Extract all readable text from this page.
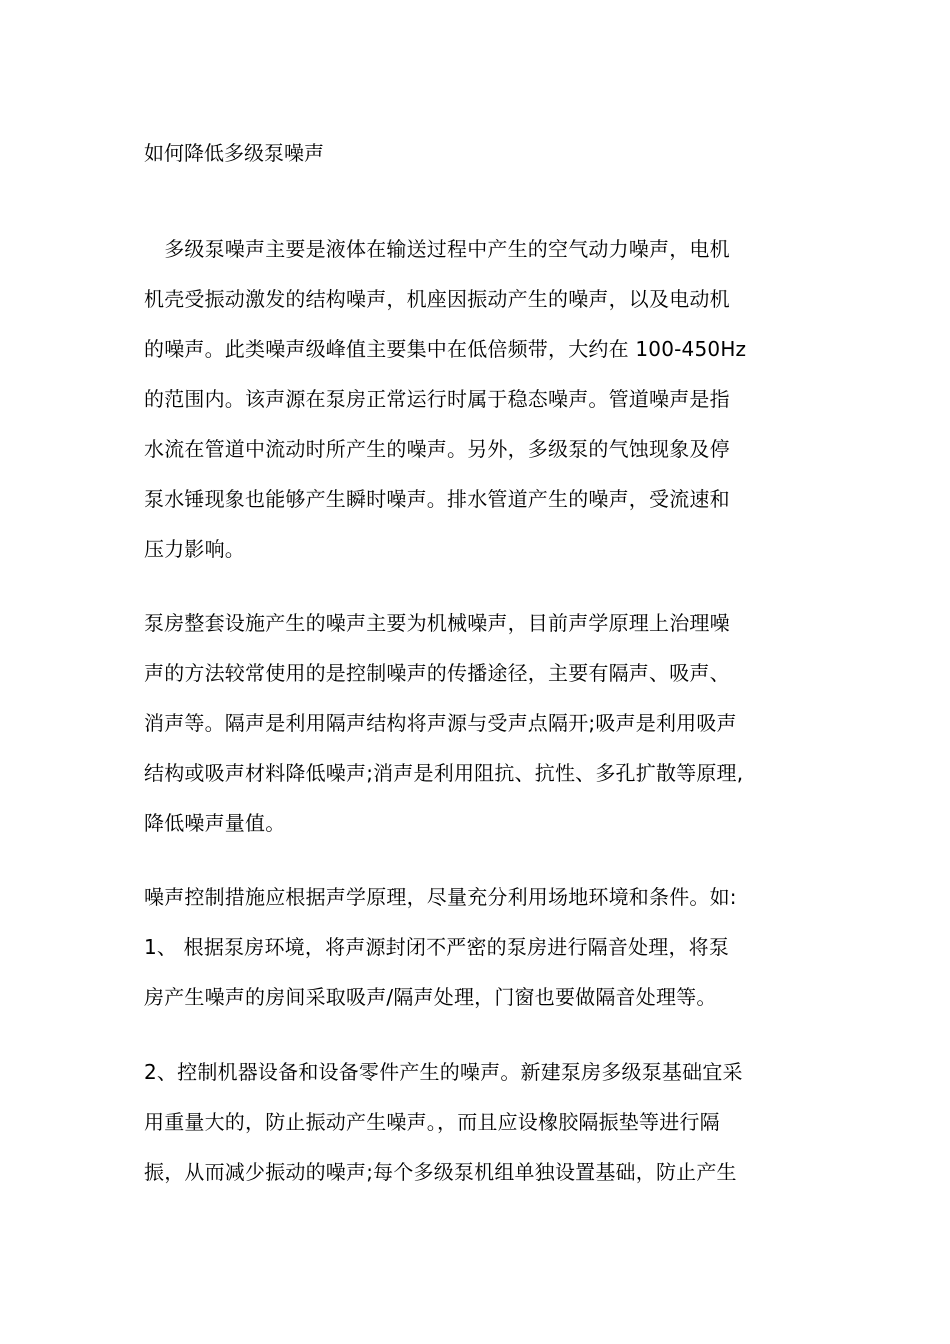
如何降低多级泵噪声

　多级泵噪声主要是液体在输送过程中产生的空气动力噪声，电机
机壳受振动激发的结构噪声，机座因振动产生的噪声，以及电动机
的噪声。此类噪声级峰值主要集中在低倍频带，大约在 100-450Hz
的范围内。该声源在泵房正常运行时属于稳态噪声。管道噪声是指
水流在管道中流动时所产生的噪声。另外，多级泵的气蚀现象及停
泵水锤现象也能够产生瞬时噪声。排水管道产生的噪声，受流速和
压力影响。

泵房整套设施产生的噪声主要为机械噪声，目前声学原理上治理噪
声的方法较常使用的是控制噪声的传播途径，主要有隔声、吸声、
消声等。隔声是利用隔声结构将声源与受声点隔开;吸声是利用吸声
结构或吸声材料降低噪声;消声是利用阻抗、抗性、多孔扩散等原理,
降低噪声量值。

噪声控制措施应根据声学原理，尽量充分利用场地环境和条件。如:
1、 根据泵房环境，将声源封闭不严密的泵房进行隔音处理，将泵
房产生噪声的房间采取吸声/隔声处理，门窗也要做隔音处理等。

2、控制机器设备和设备零件产生的噪声。新建泵房多级泵基础宜采
用重量大的，防止振动产生噪声。，而且应设橡胶隔振垫等进行隔
振，从而减少振动的噪声;每个多级泵机组单独设置基础，防止产生
